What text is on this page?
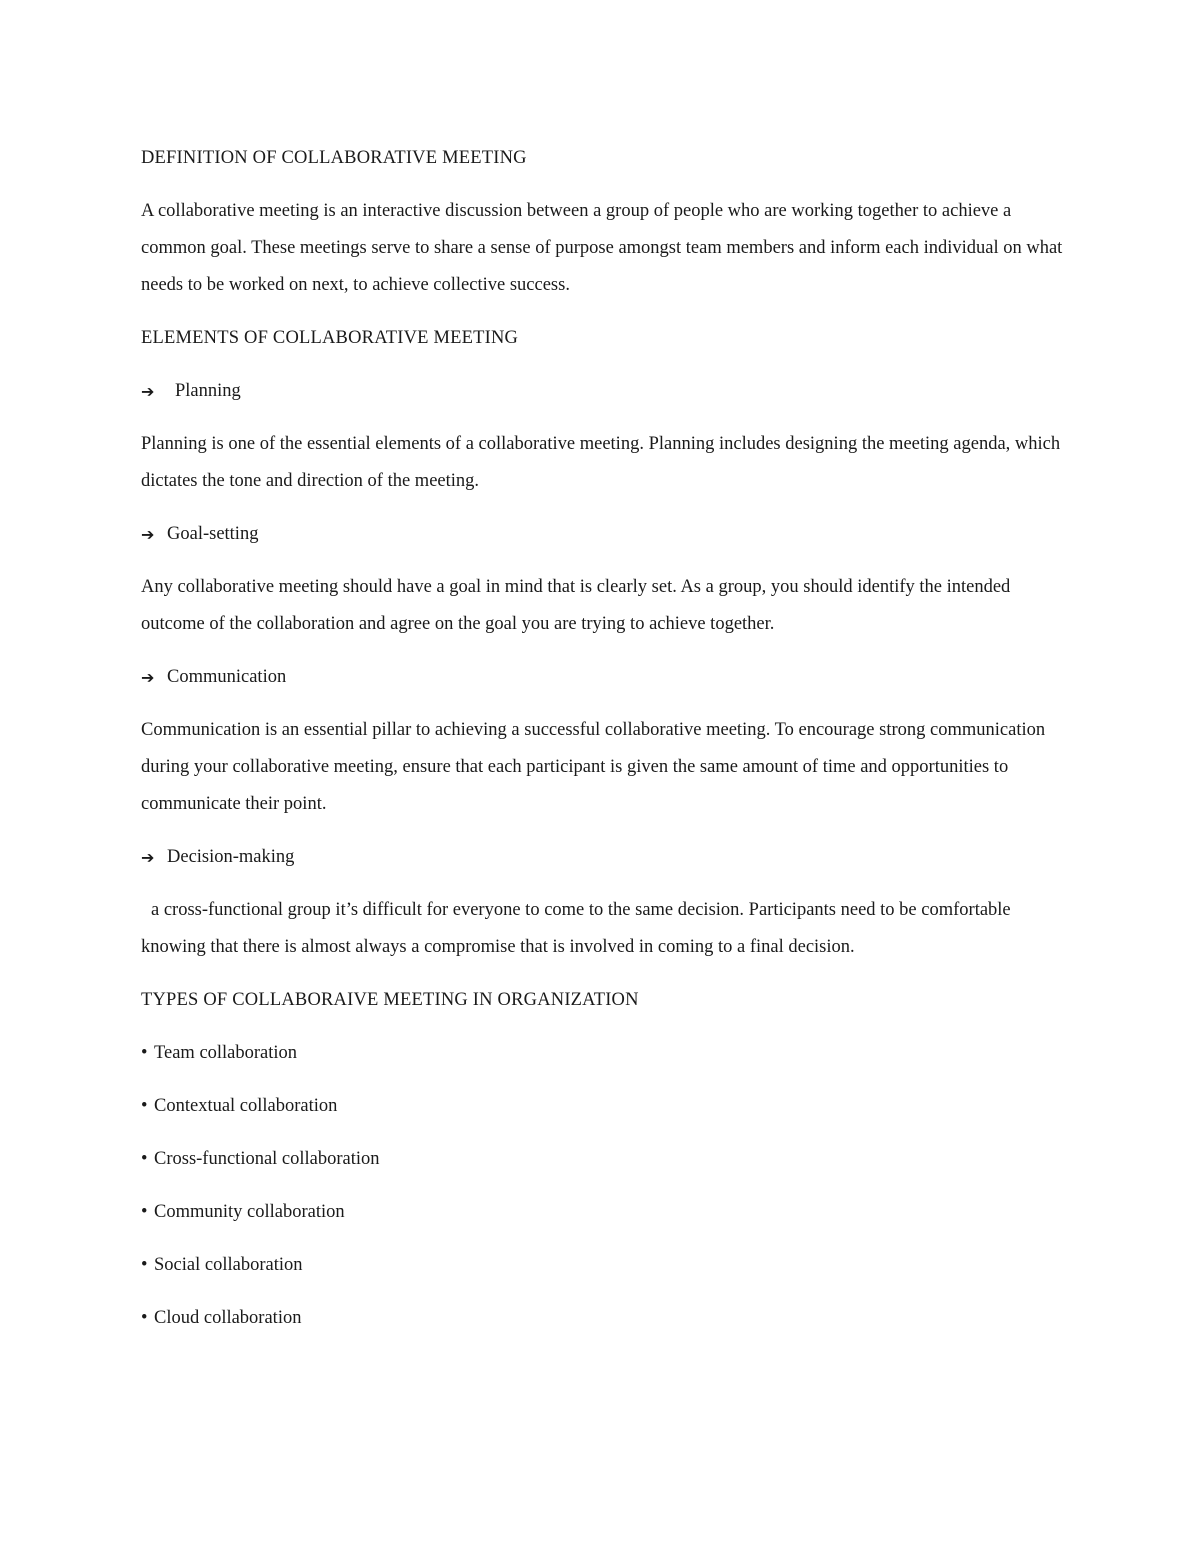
DEFINITION OF COLLABORATIVE MEETING
A collaborative meeting is an interactive discussion between a group of people who are working together to achieve a common goal. These meetings serve to share a sense of purpose amongst team members and inform each individual on what needs to be worked on next, to achieve collective success.
ELEMENTS OF COLLABORATIVE MEETING
➔	Planning
Planning is one of the essential elements of a collaborative meeting. Planning includes designing the meeting agenda, which dictates the tone and direction of the meeting.
➔ Goal-setting
Any collaborative meeting should have a goal in mind that is clearly set. As a group, you should identify the intended outcome of the collaboration and agree on the goal you are trying to achieve together.
➔ Communication
Communication is an essential pillar to achieving a successful collaborative meeting. To encourage strong communication during your collaborative meeting, ensure that each participant is given the same amount of time and opportunities to communicate their point.
➔ Decision-making
a cross-functional group it’s difficult for everyone to come to the same decision. Participants need to be comfortable knowing that there is almost always a compromise that is involved in coming to a final decision.
TYPES OF COLLABORAIVE MEETING IN ORGANIZATION
• Team collaboration
• Contextual collaboration
• Cross-functional collaboration
• Community collaboration
• Social collaboration
• Cloud collaboration
